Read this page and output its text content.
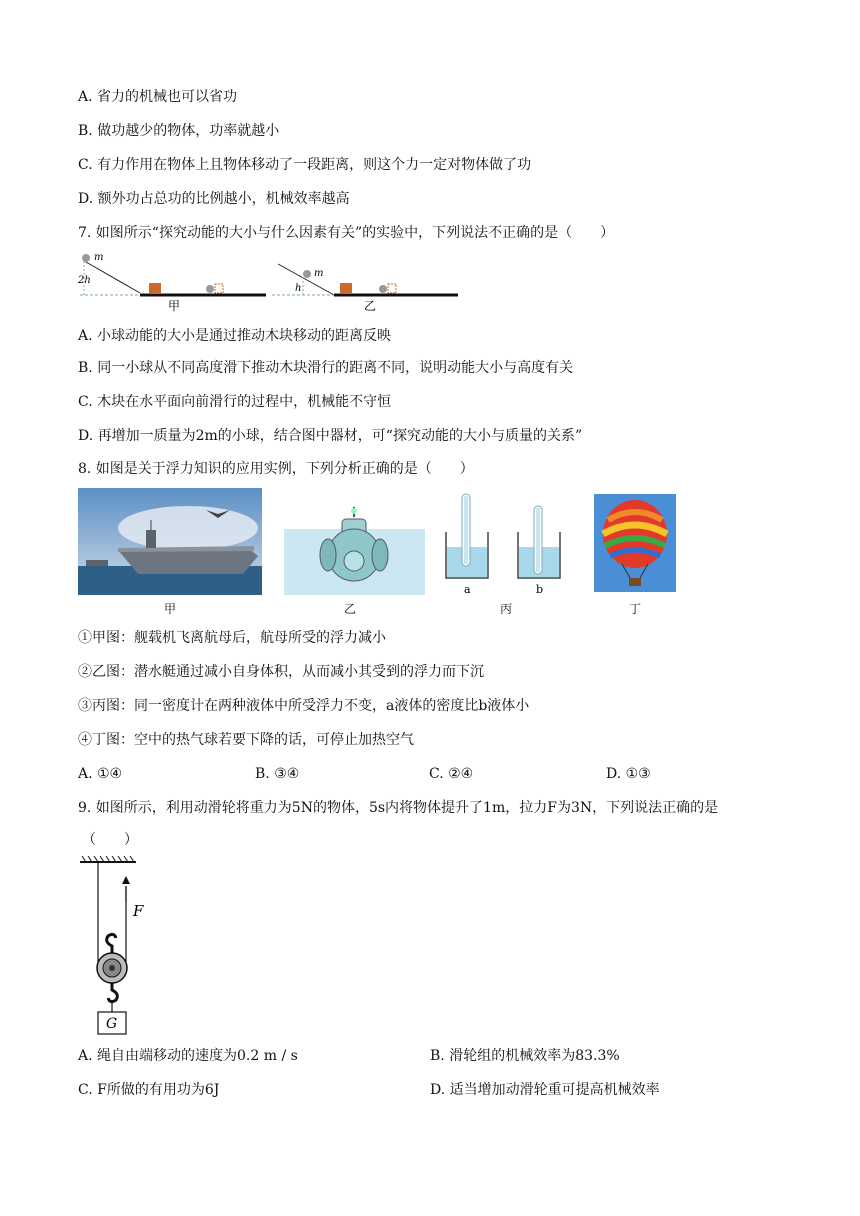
A. 省力的机械也可以省功
B. 做功越少的物体，功率就越小
C. 有力作用在物体上且物体移动了一段距离，则这个力一定对物体做了功
D. 额外功占总功的比例越小，机械效率越高
7. 如图所示“探究动能的大小与什么因素有关”的实验中，下列说法不正确的是（　　）
m
2h
甲
m
h
乙
A. 小球动能的大小是通过推动木块移动的距离反映
B. 同一小球从不同高度滑下推动木块滑行的距离不同，说明动能大小与高度有关
C. 木块在水平面向前滑行的过程中，机械能不守恒
D. 再增加一质量为2m的小球，结合图中器材，可“探究动能的大小与质量的关系”
8. 如图是关于浮力知识的应用实例，下列分析正确的是（　　）
甲	乙
a	b
丙	丁
①甲图：舰载机飞离航母后，航母所受的浮力减小
②乙图：潜水艇通过减小自身体积，从而减小其受到的浮力而下沉
③丙图：同一密度计在两种液体中所受浮力不变，a液体的密度比b液体小
④丁图：空中的热气球若要下降的话，可停止加热空气
A. ①④	B. ③④	C. ②④	D. ①③
9. 如图所示，利用动滑轮将重力为5N的物体，5s内将物体提升了1m，拉力F为3N，下列说法正确的是
（　　）
F
G
A. 绳自由端移动的速度为0.2 m / s	B. 滑轮组的机械效率为83.3%
C. F所做的有用功为6J	D. 适当增加动滑轮重可提高机械效率
